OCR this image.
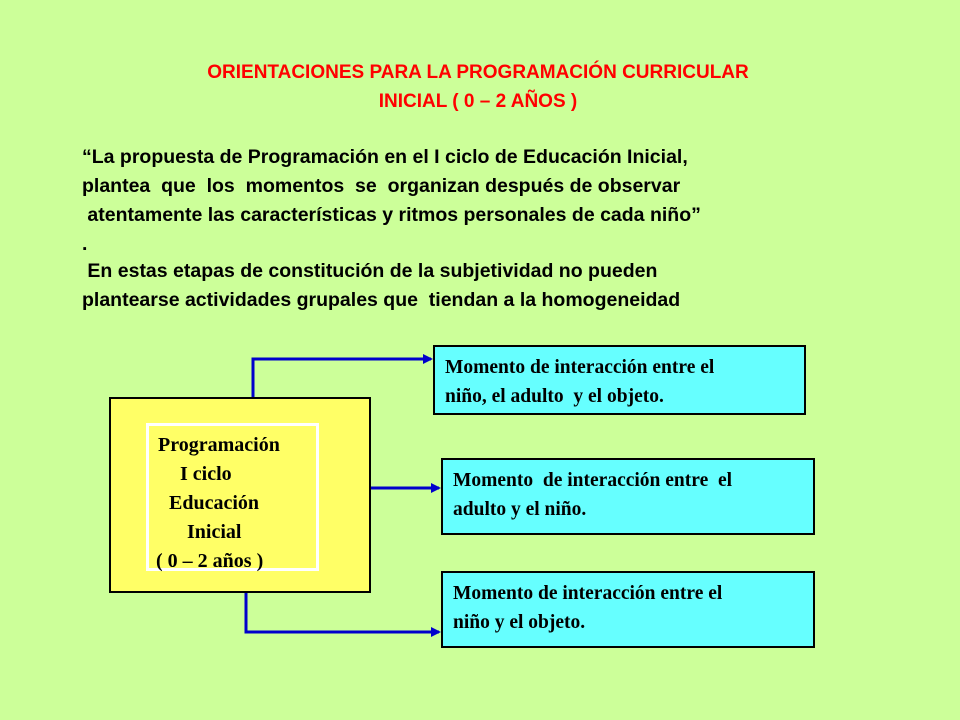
ORIENTACIONES PARA LA PROGRAMACIÓN CURRICULAR
INICIAL ( 0 – 2 AÑOS )
“La propuesta de Programación en el I ciclo de Educación Inicial,
plantea  que  los  momentos  se  organizan después de observar
atentamente las características y ritmos personales de cada niño”
.
En estas etapas de constitución de la subjetividad no pueden
plantearse actividades grupales que  tiendan a la homogeneidad
Programación
I ciclo
Educación
Inicial
( 0 – 2 años )
Momento de interacción entre el
niño, el adulto  y el objeto.
Momento  de interacción entre  el
adulto y el niño.
Momento de interacción entre el
niño y el objeto.
